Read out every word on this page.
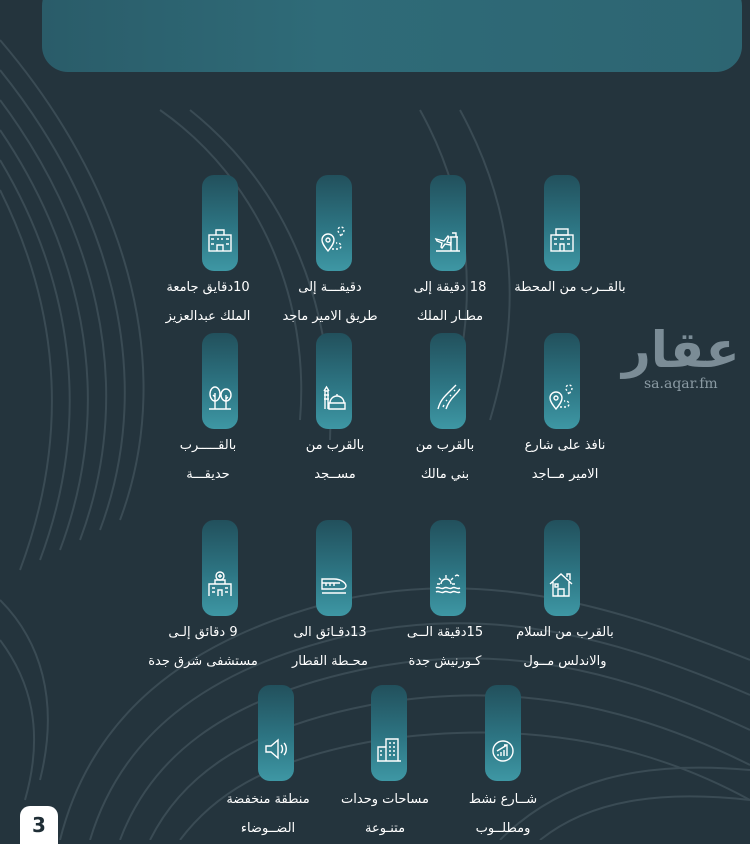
عقار
sa.aqar.fm
بالقــرب من المحطة
18 دقيقة إلى
مطـار الملك
دقيقـــة إلى
طريق الامير ماجد
10دقايق جامعة
الملك عبدالعزيز
نافذ على شارع
الامير مــاجد
بالقرب من
بني مالك
بالقرب من
مســجد
بالقـــــرب
حديقـــة
بالقرب من السلام
والاندلس مــول
15دقيقة الــى
كـورنيش جدة
13دقـائق الى
محـطة القطار
9 دقائق إلـى
مستشفى شرق جدة
شــارع نشط
ومطلــوب
مساحات وحدات
متنـوعة
منطقة منخفضة
الضــوضاء
3
